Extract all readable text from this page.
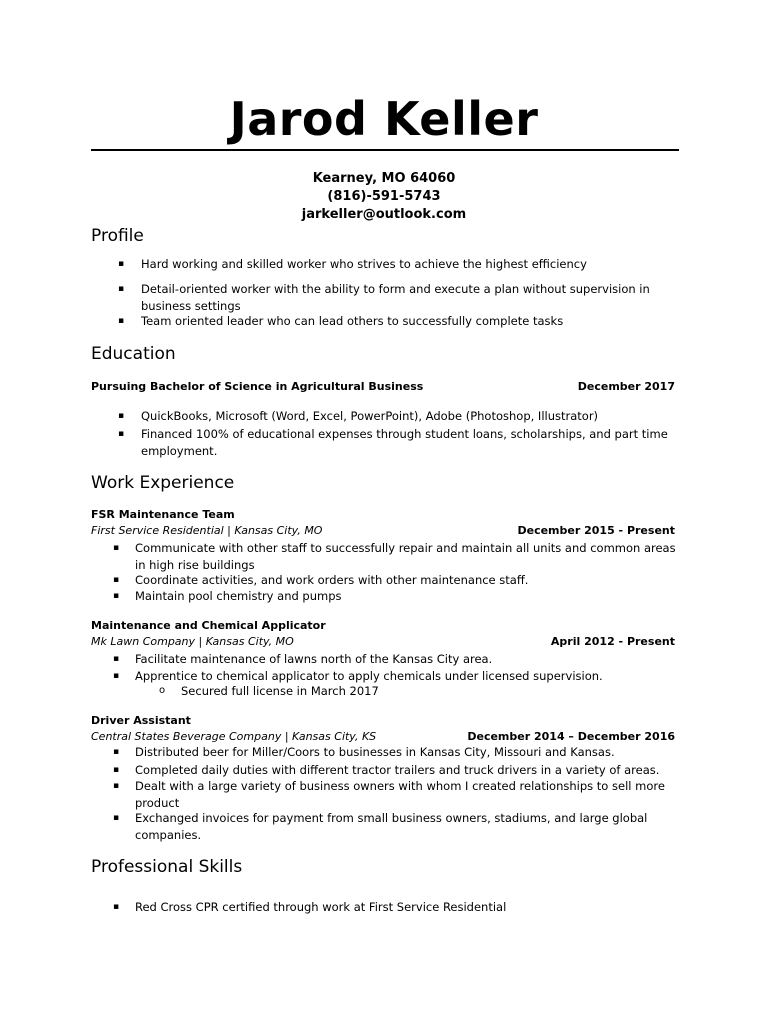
Jarod Keller
Kearney, MO 64060
(816)-591-5743
jarkeller@outlook.com
Profile
▪ Hard working and skilled worker who strives to achieve the highest efficiency
▪ Detail-oriented worker with the ability to form and execute a plan without supervision in
business settings
▪ Team oriented leader who can lead others to successfully complete tasks
Education
Pursuing Bachelor of Science in Agricultural Business	December 2017
▪ QuickBooks, Microsoft (Word, Excel, PowerPoint), Adobe (Photoshop, Illustrator)
▪ Financed 100% of educational expenses through student loans, scholarships, and part time
employment.
Work Experience
FSR Maintenance Team
First Service Residential | Kansas City, MO	December 2015 - Present
▪ Communicate with other staff to successfully repair and maintain all units and common areas
in high rise buildings
▪ Coordinate activities, and work orders with other maintenance staff.
▪ Maintain pool chemistry and pumps
Maintenance and Chemical Applicator
Mk Lawn Company | Kansas City, MO	April 2012 - Present
▪ Facilitate maintenance of lawns north of the Kansas City area.
▪ Apprentice to chemical applicator to apply chemicals under licensed supervision.
o Secured full license in March 2017
Driver Assistant
Central States Beverage Company | Kansas City, KS	December 2014 – December 2016
▪ Distributed beer for Miller/Coors to businesses in Kansas City, Missouri and Kansas.
▪ Completed daily duties with different tractor trailers and truck drivers in a variety of areas.
▪ Dealt with a large variety of business owners with whom I created relationships to sell more
product
▪ Exchanged invoices for payment from small business owners, stadiums, and large global
companies.
Professional Skills
▪ Red Cross CPR certified through work at First Service Residential
